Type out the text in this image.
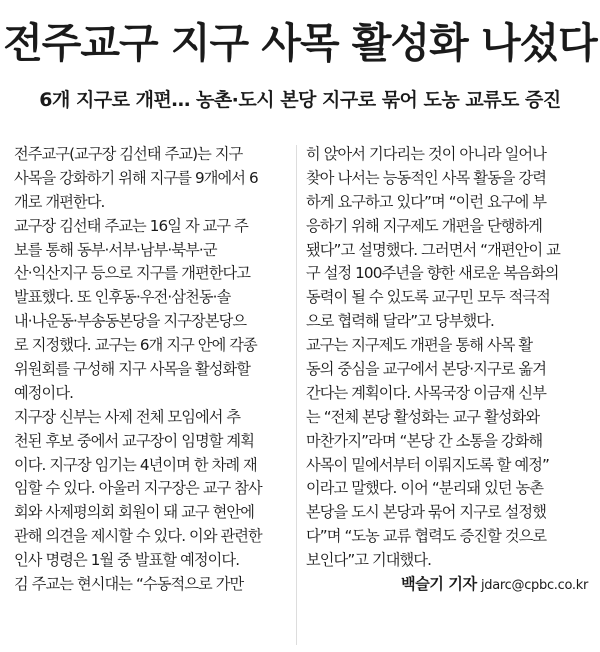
전주교구 지구 사목 활성화 나섰다
6개 지구로 개편… 농촌·도시 본당 지구로 묶어 도농 교류도 증진
전주교구(교구장 김선태 주교)는 지구
사목을 강화하기 위해 지구를 9개에서 6
개로 개편한다.
교구장 김선태 주교는 16일 자 교구 주
보를 통해 동부·서부·남부·북부·군
산·익산지구 등으로 지구를 개편한다고
발표했다. 또 인후동·우전·삼천동·솔
내·나운동·부송동본당을 지구장본당으
로 지정했다. 교구는 6개 지구 안에 각종
위원회를 구성해 지구 사목을 활성화할
예정이다.
지구장 신부는 사제 전체 모임에서 추
천된 후보 중에서 교구장이 임명할 계획
이다. 지구장 임기는 4년이며 한 차례 재
임할 수 있다. 아울러 지구장은 교구 참사
회와 사제평의회 회원이 돼 교구 현안에
관해 의견을 제시할 수 있다. 이와 관련한
인사 명령은 1월 중 발표할 예정이다.
김 주교는 현시대는 “수동적으로 가만
히 앉아서 기다리는 것이 아니라 일어나
찾아 나서는 능동적인 사목 활동을 강력
하게 요구하고 있다”며 “이런 요구에 부
응하기 위해 지구제도 개편을 단행하게
됐다”고 설명했다. 그러면서 “개편안이 교
구 설정 100주년을 향한 새로운 복음화의
동력이 될 수 있도록 교구민 모두 적극적
으로 협력해 달라”고 당부했다.
교구는 지구제도 개편을 통해 사목 활
동의 중심을 교구에서 본당·지구로 옮겨
간다는 계획이다. 사목국장 이금재 신부
는 “전체 본당 활성화는 교구 활성화와
마찬가지”라며 “본당 간 소통을 강화해
사목이 밑에서부터 이뤄지도록 할 예정”
이라고 말했다. 이어 “분리돼 있던 농촌
본당을 도시 본당과 묶어 지구로 설정했
다”며 “도농 교류 협력도 증진할 것으로
보인다”고 기대했다.
백슬기 기자 jdarc@cpbc.co.kr
